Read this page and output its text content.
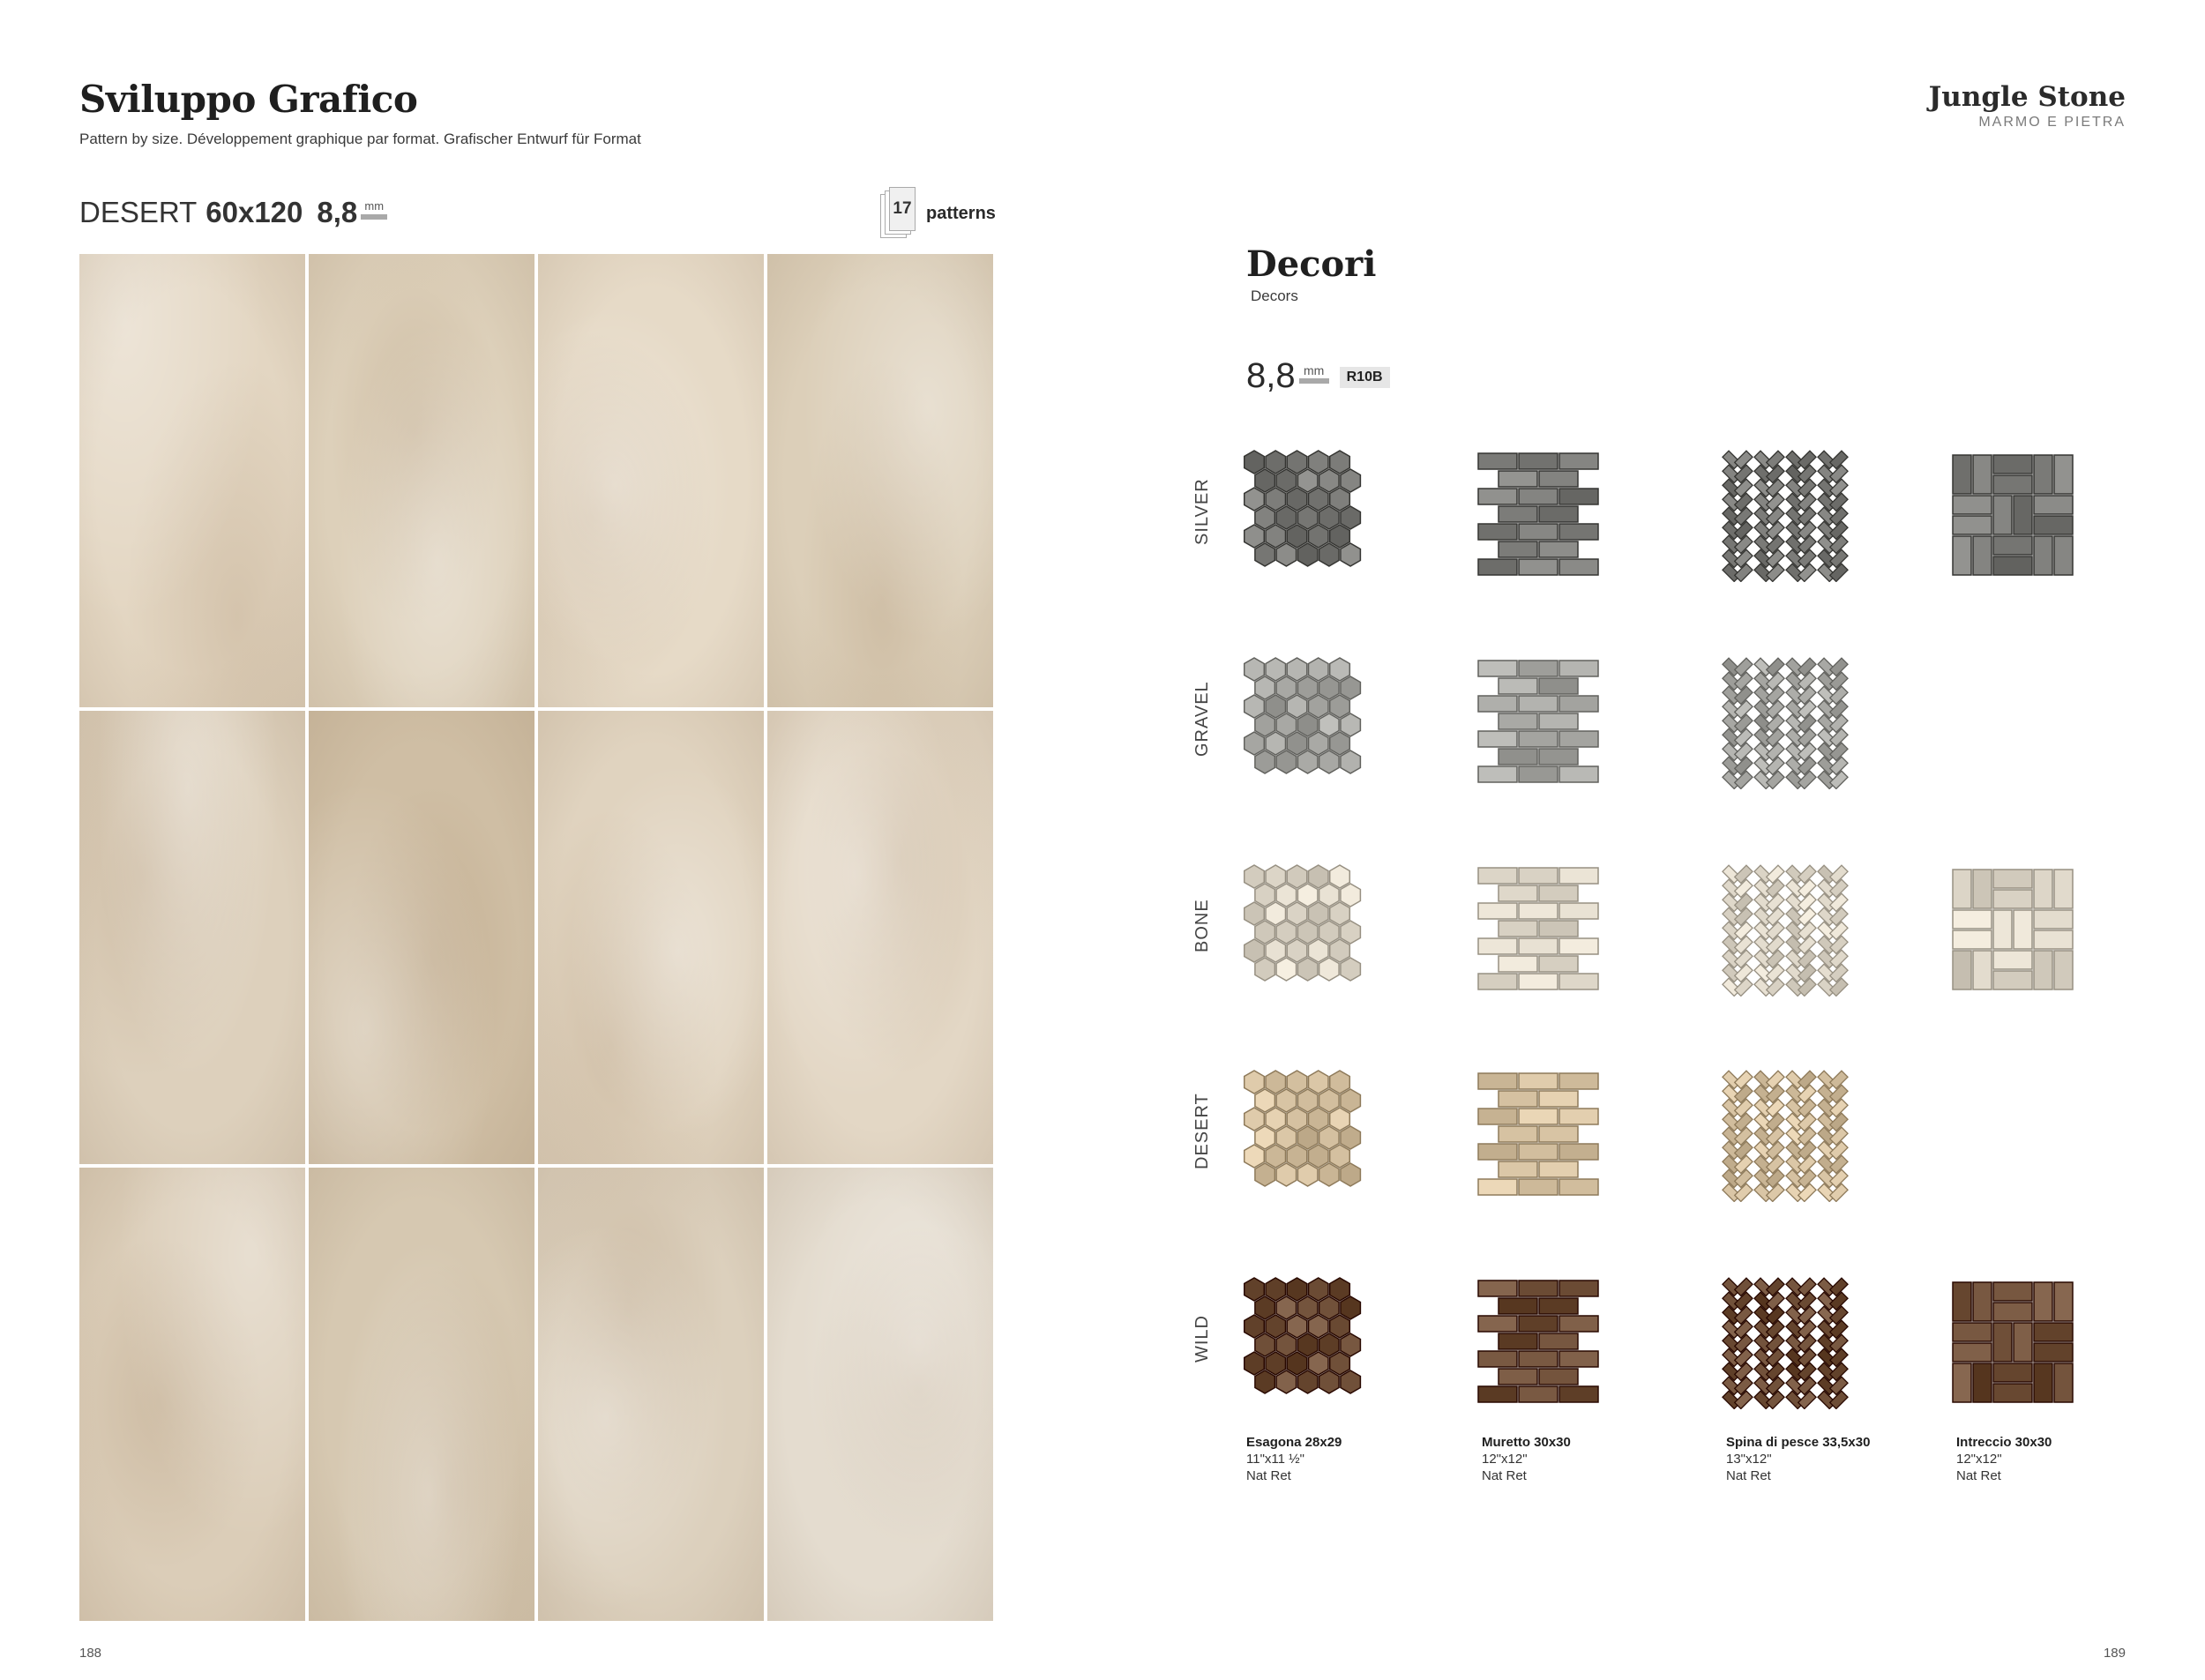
Sviluppo Grafico
Pattern by size. Développement graphique par format. Grafischer Entwurf für Format
Jungle Stone
MARMO E PIETRA
DESERT 60x120 8,8 mm	17 patterns
Decori
Decors
8,8 mm	R10B
SILVER
GRAVEL
BONE
DESERT
WILD
Esagona 28x29
11"x11 ½"
Nat Ret
Muretto 30x30
12"x12"
Nat Ret
Spina di pesce 33,5x30
13"x12"
Nat Ret
Intreccio 30x30
12"x12"
Nat Ret
188	189
